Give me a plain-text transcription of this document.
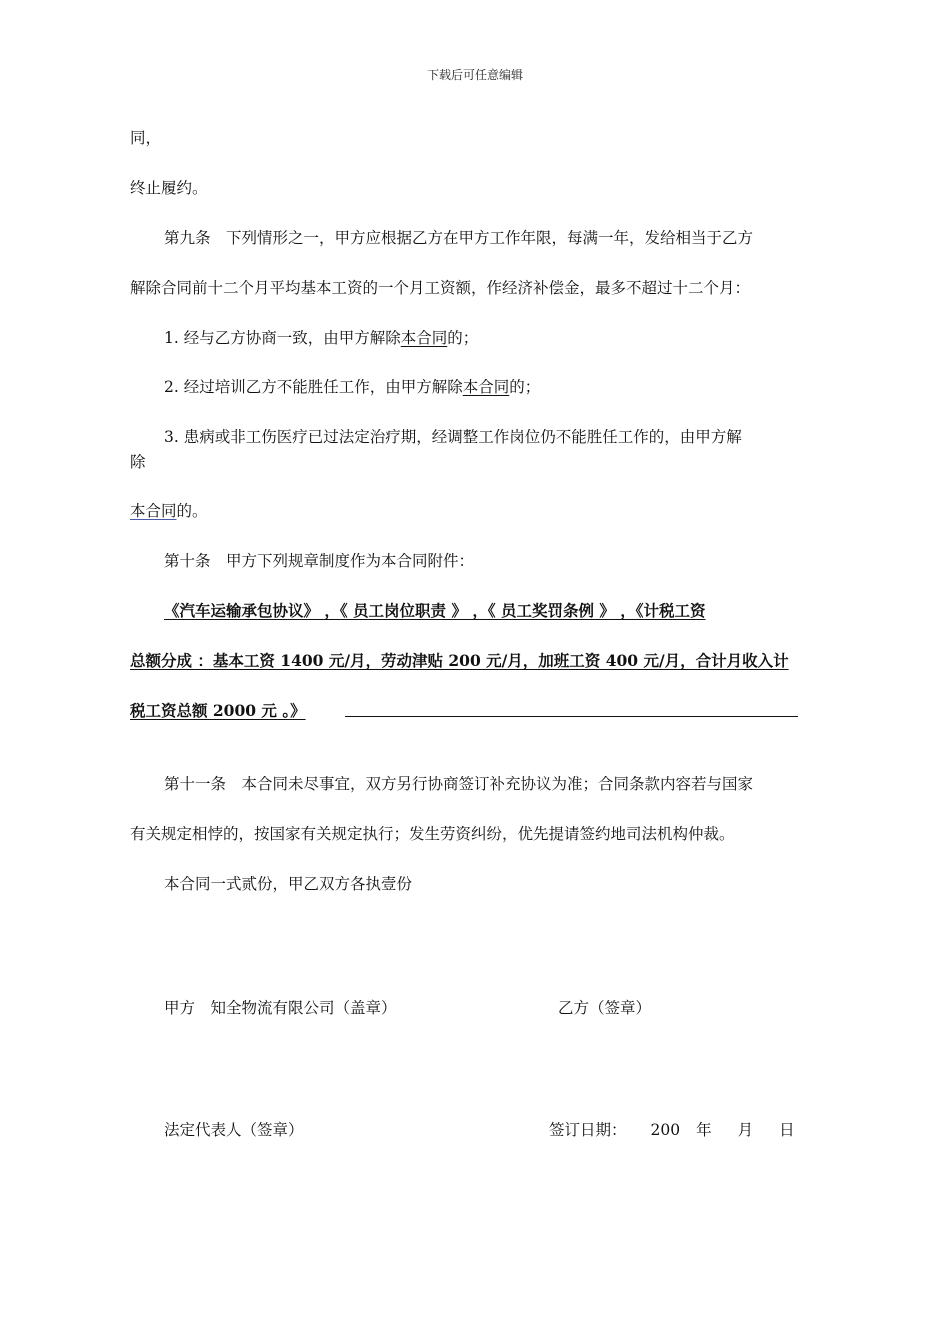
下载后可任意编辑
同，
终止履约。
第九条　下列情形之一，甲方应根据乙方在甲方工作年限，每满一年，发给相当于乙方
解除合同前十二个月平均基本工资的一个月工资额，作经济补偿金，最多不超过十二个月：
1. 经与乙方协商一致，由甲方解除本合同的；
2. 经过培训乙方不能胜任工作，由甲方解除本合同的；
3. 患病或非工伤医疗已过法定治疗期，经调整工作岗位仍不能胜任工作的，由甲方解
除
本合同的。
第十条　甲方下列规章制度作为本合同附件：
《汽车运输承包协议》 ，《 员工岗位职责 》 ，《 员工奖罚条例 》 ，《计税工资
总额分成 ：基本工资 1400 元/月，劳动津贴 200 元/月，加班工资 400 元/月，合计月收入计
税工资总额 2000 元 。》
第十一条　本合同未尽事宜，双方另行协商签订补充协议为准；合同条款内容若与国家
有关规定相悖的，按国家有关规定执行；发生劳资纠纷，优先提请签约地司法机构仲裁。
本合同一式贰份，甲乙双方各执壹份
甲方　知全物流有限公司（盖章）	乙方（签章）
法定代表人（签章）	签订日期： 200 年 月 日
